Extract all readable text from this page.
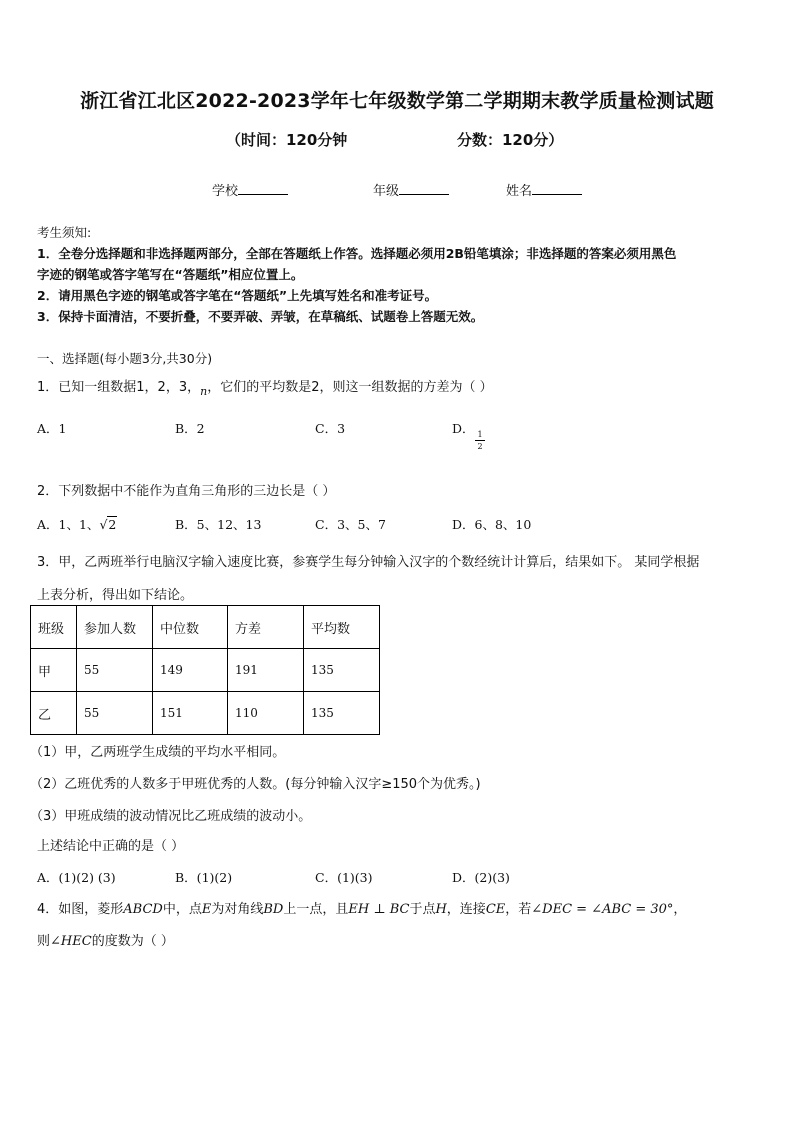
浙江省江北区2022-2023学年七年级数学第二学期期末教学质量检测试题
（时间：120分钟	分数：120分）
学校	年级	姓名
考生须知:
1．全卷分选择题和非选择题两部分，全部在答题纸上作答。选择题必须用2B铅笔填涂；非选择题的答案必须用黑色
字迹的钢笔或答字笔写在“答题纸”相应位置上。
2．请用黑色字迹的钢笔或答字笔在“答题纸”上先填写姓名和准考证号。
3．保持卡面清洁，不要折叠，不要弄破、弄皱，在草稿纸、试题卷上答题无效。
一、选择题(每小题3分,共30分)
1．已知一组数据1，2，3，$_n$，它们的平均数是2，则这一组数据的方差为（ ）
A．1	B．2	C．3	D． 1
2
2．下列数据中不能作为直角三角形的三边长是（ ）
A．1、1、√2	B．5、12、13	C．3、5、7	D．6、8、10
3．甲，乙两班举行电脑汉字输入速度比赛，参赛学生每分钟输入汉字的个数经统计计算后，结果如下。 某同学根据
上表分析，得出如下结论。
班级	参加人数	中位数	方差	平均数
甲	55	149	191	135
乙	55	151	110	135
（1）甲，乙两班学生成绩的平均水平相同。
（2）乙班优秀的人数多于甲班优秀的人数。(每分钟输入汉字≥150个为优秀。)
（3）甲班成绩的波动情况比乙班成绩的波动小。
上述结论中正确的是（ ）
A．(1)(2) (3)	B．(1)(2)	C．(1)(3)	D．(2)(3)
4．如图，菱形ABCD中，点E为对角线BD上一点，且EH ⊥ BC于点H，连接CE，若∠DEC = ∠ABC = 30°，
则∠HEC的度数为（ ）
